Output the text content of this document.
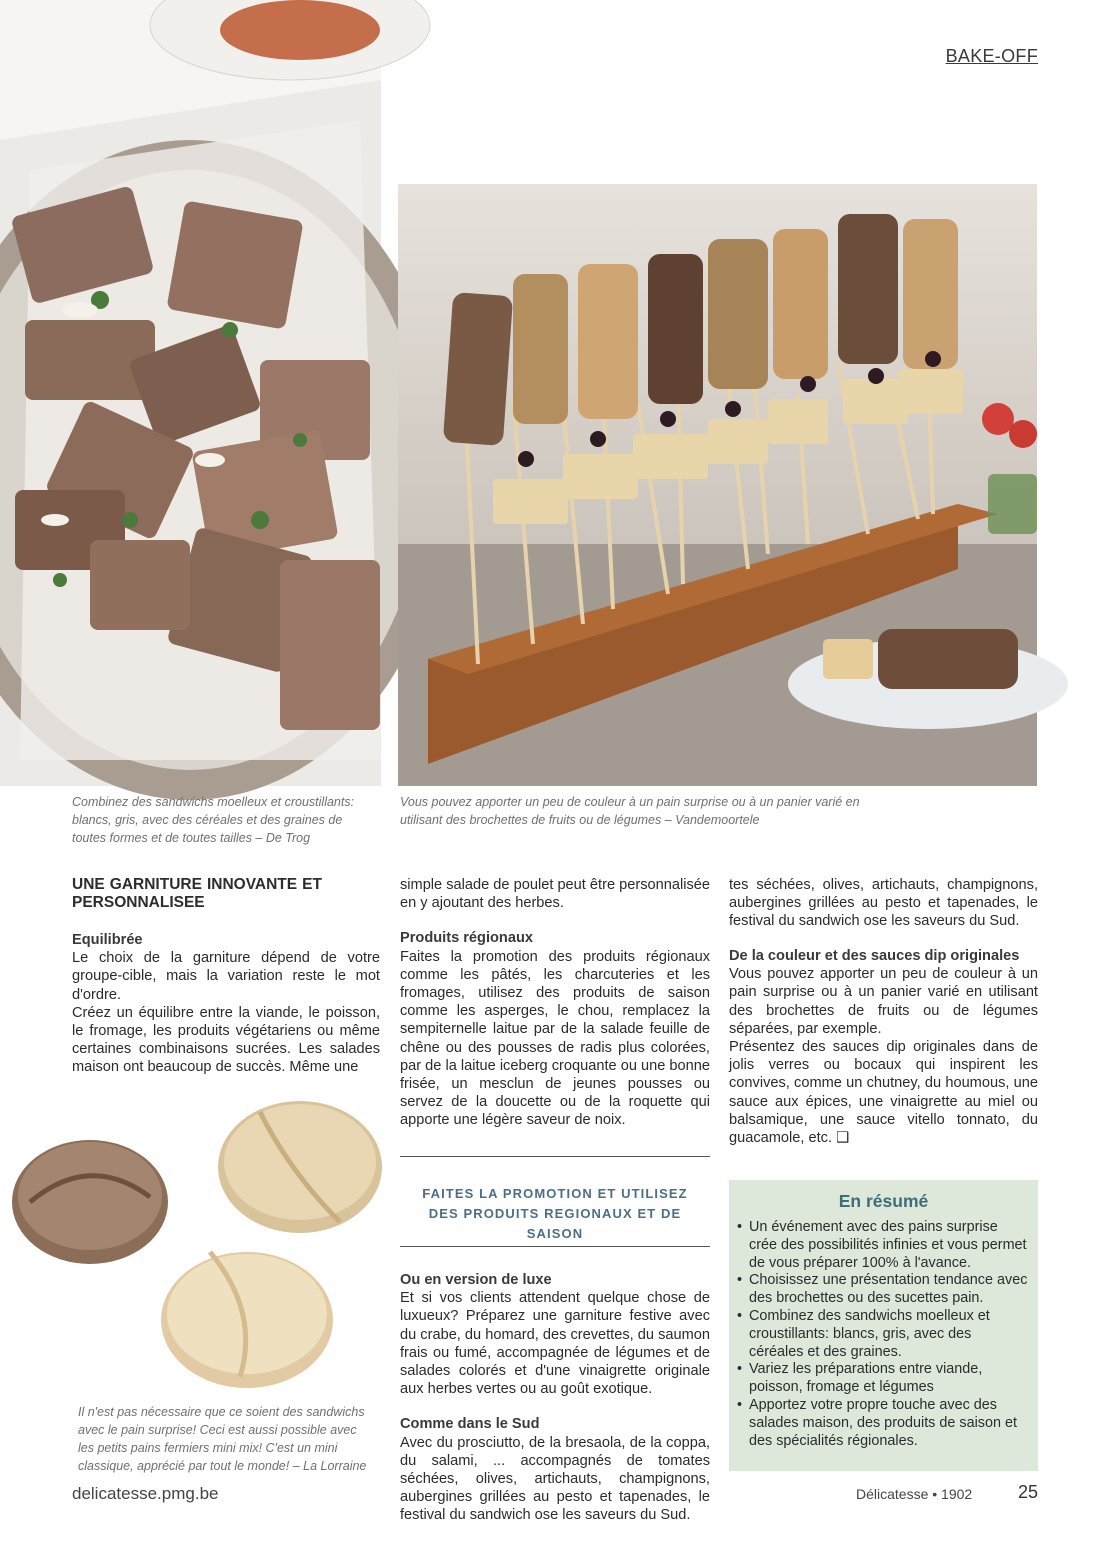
BAKE-OFF
Combinez des sandwichs moelleux et croustillants: blancs, gris, avec des céréales et des graines de toutes formes et de toutes tailles – De Trog
Vous pouvez apporter un peu de couleur à un pain surprise ou à un panier varié en utilisant des brochettes de fruits ou de légumes – Vandemoortele
UNE GARNITURE INNOVANTE ET PERSONNALISEE
Equilibrée

Le choix de la garniture dépend de votre groupe-cible, mais la variation reste le mot d'ordre.

Créez un équilibre entre la viande, le poisson, le fromage, les produits végétariens ou même certaines combinaisons sucrées. Les salades maison ont beaucoup de succès. Même une

Il n'est pas nécessaire que ce soient des sandwichs avec le pain surprise! Ceci est aussi possible avec les petits pains fermiers mini mix! C'est un mini classique, apprécié par tout le monde! – La Lorraine

simple salade de poulet peut être personnalisée en y ajoutant des herbes.

Produits régionaux

Faites la promotion des produits régionaux comme les pâtés, les charcuteries et les fromages, utilisez des produits de saison comme les asperges, le chou, remplacez la sempiternelle laitue par de la salade feuille de chêne ou des pousses de radis plus colorées, par de la laitue iceberg croquante ou une bonne frisée, un mesclun de jeunes pousses ou servez de la doucette ou de la roquette qui apporte une légère saveur de noix.

FAITES LA PROMOTION ET UTILISEZ
DES PRODUITS REGIONAUX ET DE SAISON
Ou en version de luxe

Et si vos clients attendent quelque chose de luxueux? Préparez une garniture festive avec du crabe, du homard, des crevettes, du saumon frais ou fumé, accompagnée de légumes et de salades colorés et d'une vinaigrette originale aux herbes vertes ou au goût exotique.

Comme dans le Sud

Avec du prosciutto, de la bresaola, de la coppa, du salami, ... accompagnés de tomates séchées, olives, artichauts, champignons, aubergines grillées au pesto et tapenades, le festival du sandwich ose les saveurs du Sud.

tes séchées, olives, artichauts, champignons, aubergines grillées au pesto et tapenades, le festival du sandwich ose les saveurs du Sud.

De la couleur et des sauces dip originales

Vous pouvez apporter un peu de couleur à un pain surprise ou à un panier varié en utilisant des brochettes de fruits ou de légumes séparées, par exemple.

Présentez des sauces dip originales dans de jolis verres ou bocaux qui inspirent les convives, comme un chutney, du houmous, une sauce aux épices, une vinaigrette au miel ou balsamique, une sauce vitello tonnato, du guacamole, etc. ❑

En résumé
• Un événement avec des pains surprise crée des possibilités infinies et vous permet de vous préparer 100% à l'avance.
• Choisissez une présentation tendance avec des brochettes ou des sucettes pain.
• Combinez des sandwichs moelleux et croustillants: blancs, gris, avec des céréales et des graines.
• Variez les préparations entre viande, poisson, fromage et légumes
• Apportez votre propre touche avec des salades maison, des produits de saison et des spécialités régionales.
delicatesse.pmg.be	Délicatesse • 1902	25
